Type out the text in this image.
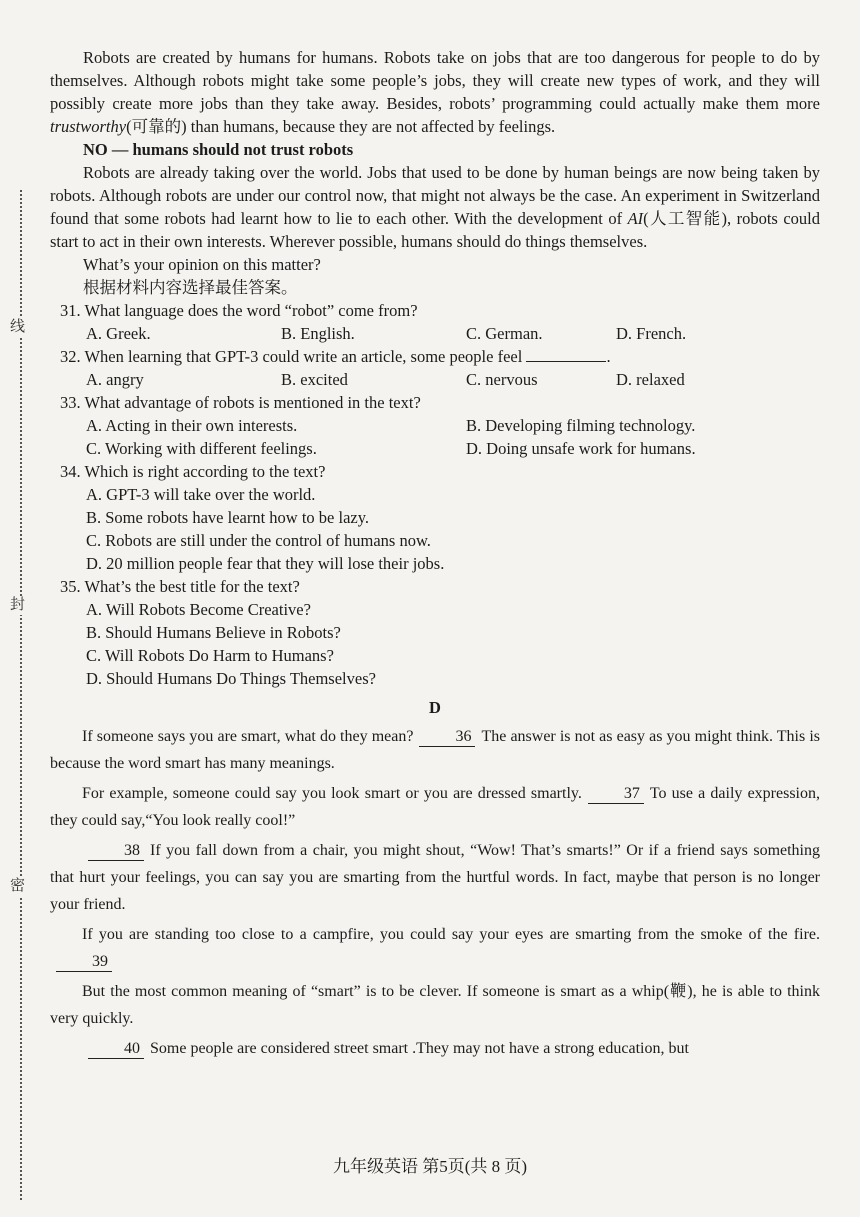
线
封
密

Robots are created by humans for humans. Robots take on jobs that are too dangerous for people to do by themselves. Although robots might take some people’s jobs, they will create new types of work, and they will possibly create more jobs than they take away. Besides, robots’ programming could actually make them more trustworthy(可靠的) than humans, because they are not affected by feelings.

NO — humans should not trust robots

Robots are already taking over the world. Jobs that used to be done by human beings are now being taken by robots. Although robots are under our control now, that might not always be the case. An experiment in Switzerland found that some robots had learnt how to lie to each other. With the development of AI(人工智能), robots could start to act in their own interests. Wherever possible, humans should do things themselves.

What’s your opinion on this matter?

根据材料内容选择最佳答案。

31. What language does the word “robot” come from?
A. Greek.	B. English.	C. German.	D. French.
32. When learning that GPT-3 could write an article, some people feel	.
A. angry	B. excited	C. nervous	D. relaxed
33. What advantage of robots is mentioned in the text?
A. Acting in their own interests.	B. Developing filming technology.
C. Working with different feelings.	D. Doing unsafe work for humans.
34. Which is right according to the text?
A. GPT-3 will take over the world.
B. Some robots have learnt how to be lazy.
C. Robots are still under the control of humans now.
D. 20 million people fear that they will lose their jobs.
35. What’s the best title for the text?
A. Will Robots Become Creative?
B. Should Humans Believe in Robots?
C. Will Robots Do Harm to Humans?
D. Should Humans Do Things Themselves?
D

If someone says you are smart, what do they mean?	36 The answer is not as easy as you might think. This is because the word smart has many meanings.

For example, someone could say you look smart or you are dressed smartly.	37 To use a daily expression, they could say,“You look really cool!”

38 If you fall down from a chair, you might shout, “Wow! That’s smarts!” Or if a friend says something that hurt your feelings, you can say you are smarting from the hurtful words. In fact, maybe that person is no longer your friend.

If you are standing too close to a campfire, you could say your eyes are smarting from the smoke of the fire.39

But the most common meaning of “smart” is to be clever. If someone is smart as a whip(鞭), he is able to think very quickly.

40 Some people are considered street smart .They may not have a strong education, but

九年级英语 第5页(共 8 页)
